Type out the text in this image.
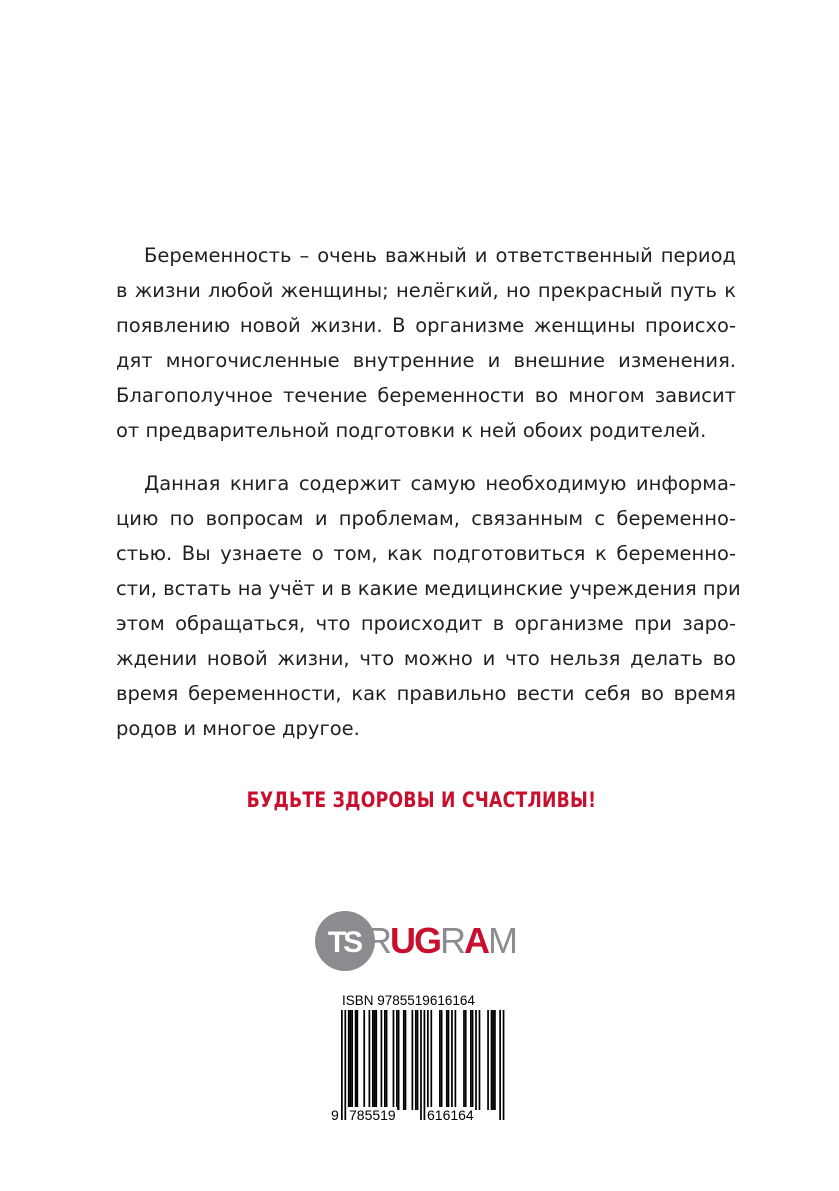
Беременность – очень важный и ответственный период
в жизни любой женщины; нелёгкий, но прекрасный путь к
появлению новой жизни. В организме женщины происхо-
дят многочисленные внутренние и внешние изменения.
Благополучное течение беременности во многом зависит
от предварительной подготовки к ней обоих родителей.

Данная книга содержит самую необходимую информа-
цию по вопросам и проблемам, связанным с беременно-
стью. Вы узнаете о том, как подготовиться к беременно-
сти, встать на учёт и в какие медицинские учреждения при
этом обращаться, что происходит в организме при заро-
ждении новой жизни, что можно и что нельзя делать во
время беременности, как правильно вести себя во время
родов и многое другое.

БУДЬТЕ ЗДОРОВЫ И СЧАСТЛИВЫ!
TS RUGRAM
ISBN 9785519616164
9 785519 616164
